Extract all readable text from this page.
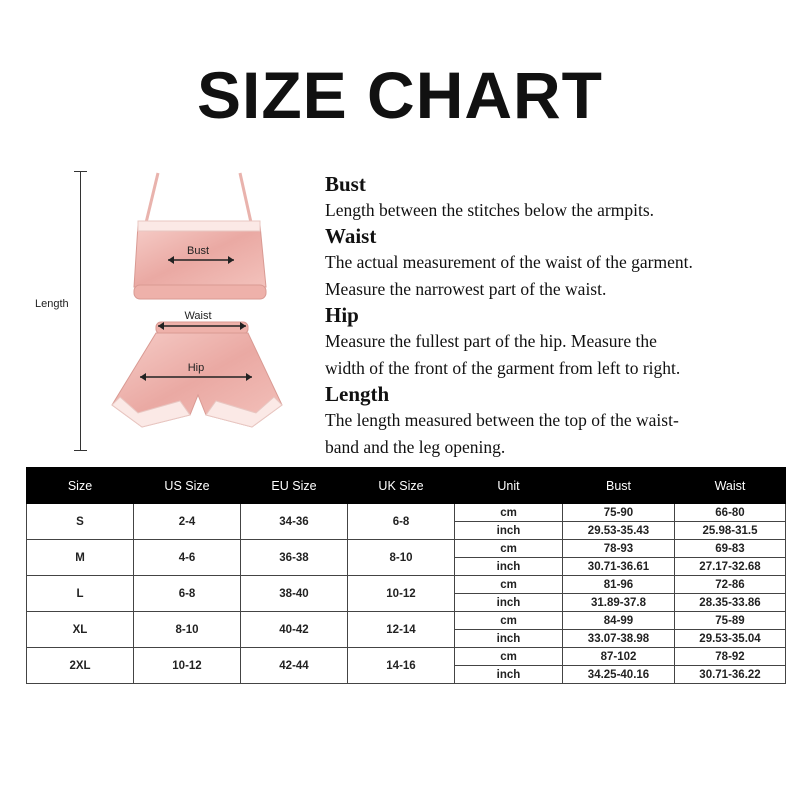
SIZE CHART
Length
Bust
Waist
Hip
Bust
Length between the stitches below the armpits.
Waist
The actual measurement of the waist of the garment.
Measure the narrowest part of the waist.
Hip
Measure the fullest part of the hip. Measure the
width of the front of the garment from left to right.
Length
The length measured between the top of the waist-
band and the leg opening.
Size	US Size	EU Size	UK Size	Unit	Bust	Waist
S	2-4	34-36	6-8	cm	75-90	66-80
				inch	29.53-35.43	25.98-31.5
M	4-6	36-38	8-10	cm	78-93	69-83
				inch	30.71-36.61	27.17-32.68
L	6-8	38-40	10-12	cm	81-96	72-86
				inch	31.89-37.8	28.35-33.86
XL	8-10	40-42	12-14	cm	84-99	75-89
				inch	33.07-38.98	29.53-35.04
2XL	10-12	42-44	14-16	cm	87-102	78-92
				inch	34.25-40.16	30.71-36.22
